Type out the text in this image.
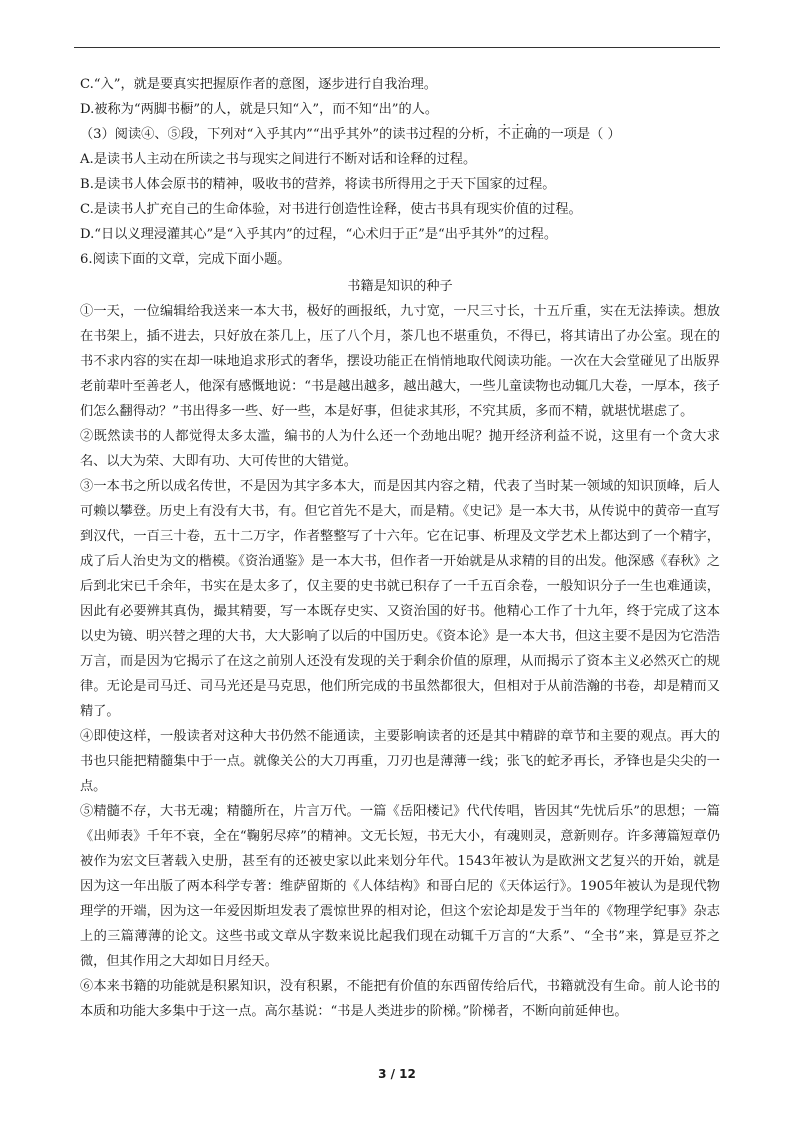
C.“入”，就是要真实把握原作者的意图，逐步进行自我治理。

D.被称为“两脚书橱”的人，就是只知“入”，而不知“出”的人。

（3）阅读④、⑤段，下列对“入乎其内”“出乎其外”的读书过程的分析，不正确的一项是（ ）

A.是读书人主动在所读之书与现实之间进行不断对话和诠释的过程。

B.是读书人体会原书的精神，吸收书的营养，将读书所得用之于天下国家的过程。

C.是读书人扩充自己的生命体验，对书进行创造性诠释，使古书具有现实价值的过程。

D.“日以义理浸灌其心”是“入乎其内”的过程，“心术归于正”是“出乎其外”的过程。

6.阅读下面的文章，完成下面小题。

书籍是知识的种子

①一天，一位编辑给我送来一本大书，极好的画报纸，九寸宽，一尺三寸长，十五斤重，实在无法捧读。想放在书架上，插不进去，只好放在茶几上，压了八个月，茶几也不堪重负，不得已，将其请出了办公室。现在的书不求内容的实在却一味地追求形式的奢华，摆设功能正在悄悄地取代阅读功能。一次在大会堂碰见了出版界老前辈叶至善老人，他深有感慨地说：“书是越出越多，越出越大，一些儿童读物也动辄几大卷，一厚本，孩子们怎么翻得动？”书出得多一些、好一些，本是好事，但徒求其形，不究其质，多而不精，就堪忧堪虑了。

②既然读书的人都觉得太多太滥，编书的人为什么还一个劲地出呢？抛开经济利益不说，这里有一个贪大求名、以大为荣、大即有功、大可传世的大错觉。

③一本书之所以成名传世，不是因为其字多本大，而是因其内容之精，代表了当时某一领域的知识顶峰，后人可赖以攀登。历史上有没有大书，有。但它首先不是大，而是精。《史记》是一本大书，从传说中的黄帝一直写到汉代，一百三十卷，五十二万字，作者整整写了十六年。它在记事、析理及文学艺术上都达到了一个精字，成了后人治史为文的楷模。《资治通鉴》是一本大书，但作者一开始就是从求精的目的出发。他深感《春秋》之后到北宋已千余年，书实在是太多了，仅主要的史书就已积存了一千五百余卷，一般知识分子一生也难通读，因此有必要辨其真伪，撮其精要，写一本既存史实、又资治国的好书。他精心工作了十九年，终于完成了这本以史为镜、明兴替之理的大书，大大影响了以后的中国历史。《资本论》是一本大书，但这主要不是因为它浩浩万言，而是因为它揭示了在这之前别人还没有发现的关于剩余价值的原理，从而揭示了资本主义必然灭亡的规律。无论是司马迁、司马光还是马克思，他们所完成的书虽然都很大，但相对于从前浩瀚的书卷，却是精而又精了。

④即使这样，一般读者对这种大书仍然不能通读，主要影响读者的还是其中精辟的章节和主要的观点。再大的书也只能把精髓集中于一点。就像关公的大刀再重，刀刃也是薄薄一线；张飞的蛇矛再长，矛锋也是尖尖的一点。

⑤精髓不存，大书无魂；精髓所在，片言万代。一篇《岳阳楼记》代代传唱，皆因其“先忧后乐”的思想；一篇《出师表》千年不衰，全在“鞠躬尽瘁”的精神。文无长短，书无大小，有魂则灵，意新则存。许多薄篇短章仍被作为宏文巨著载入史册，甚至有的还被史家以此来划分年代。1543年被认为是欧洲文艺复兴的开始，就是因为这一年出版了两本科学专著：维萨留斯的《人体结构》和哥白尼的《天体运行》。1905年被认为是现代物理学的开端，因为这一年爱因斯坦发表了震惊世界的相对论，但这个宏论却是发于当年的《物理学纪事》杂志上的三篇薄薄的论文。这些书或文章从字数来说比起我们现在动辄千万言的“大系”、“全书”来，算是豆芥之微，但其作用之大却如日月经天。

⑥本来书籍的功能就是积累知识，没有积累，不能把有价值的东西留传给后代，书籍就没有生命。前人论书的本质和功能大多集中于这一点。高尔基说：“书是人类进步的阶梯。”阶梯者，不断向前延伸也。

3 / 12
